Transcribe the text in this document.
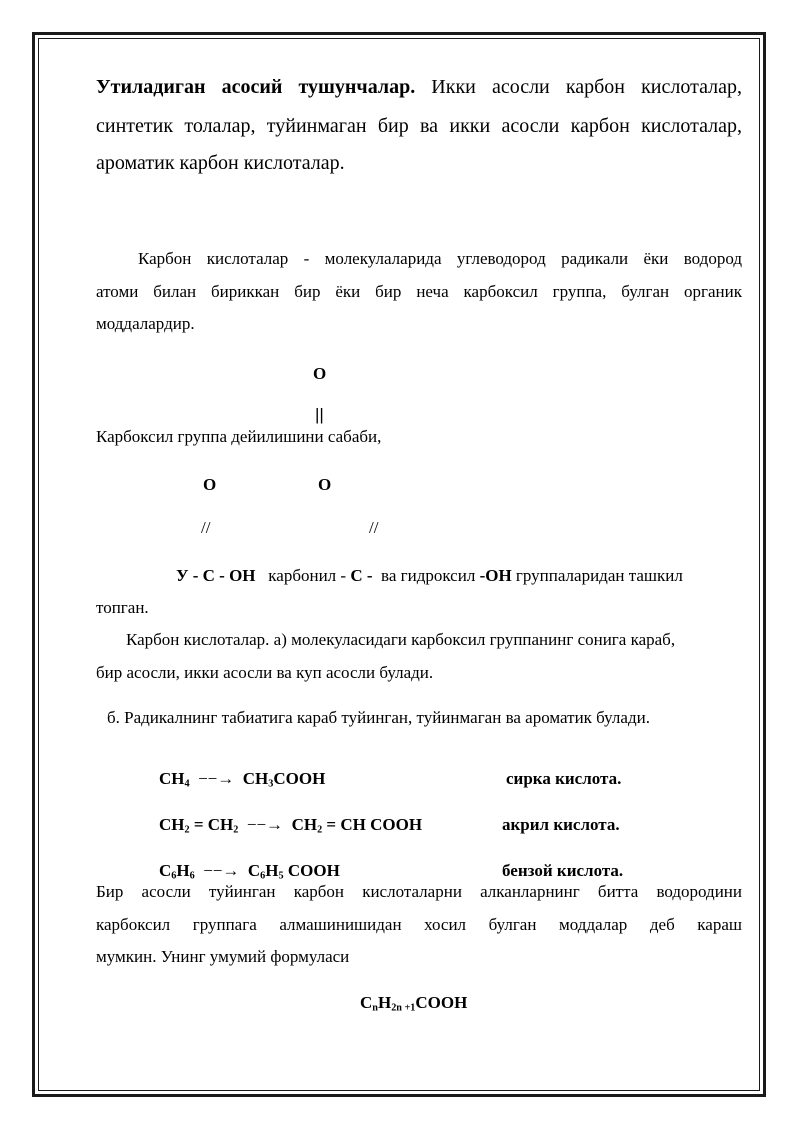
Утиладиган асосий тушунчалар. Икки асосли карбон кислоталар,
синтетик толалар, туйинмаган бир ва икки асосли карбон кислоталар,
ароматик карбон кислоталар.
Карбон кислоталар - молекулаларида углеводород радикали ёки водород
атоми билан бириккан бир ёки бир неча карбоксил группа, булган органик
моддалардир.
O
||
Карбоксил группа дейилишини сабаби,
O	O
//	//
У - С - ОН карбонил - С - ва гидроксил -ОН группаларидан ташкил
топган.
Карбон кислоталар. а) молекуласидаги карбоксил группанинг сонига караб,
бир асосли, икки асосли ва куп асосли булади.
б. Радикалнинг табиатига караб туйинган, туйинмаган ва ароматик булади.
$CH_4$ −−→ $CH_3COOH$	сирка кислота.
$CH_2 = CH_2$ −−→ $CH_2$ = CH COOH	акрил кислота.
$C_6H_6$ −−→ $C_6H_5$ COOH	бензой кислота.
Бир асосли туйинган карбон кислоталарни алканларнинг битта водородини
карбоксил группага алмашинишидан хосил булган моддалар деб караш
мумкин. Унинг умумий формуласи
$C_nH_{2n +1}COOH$
